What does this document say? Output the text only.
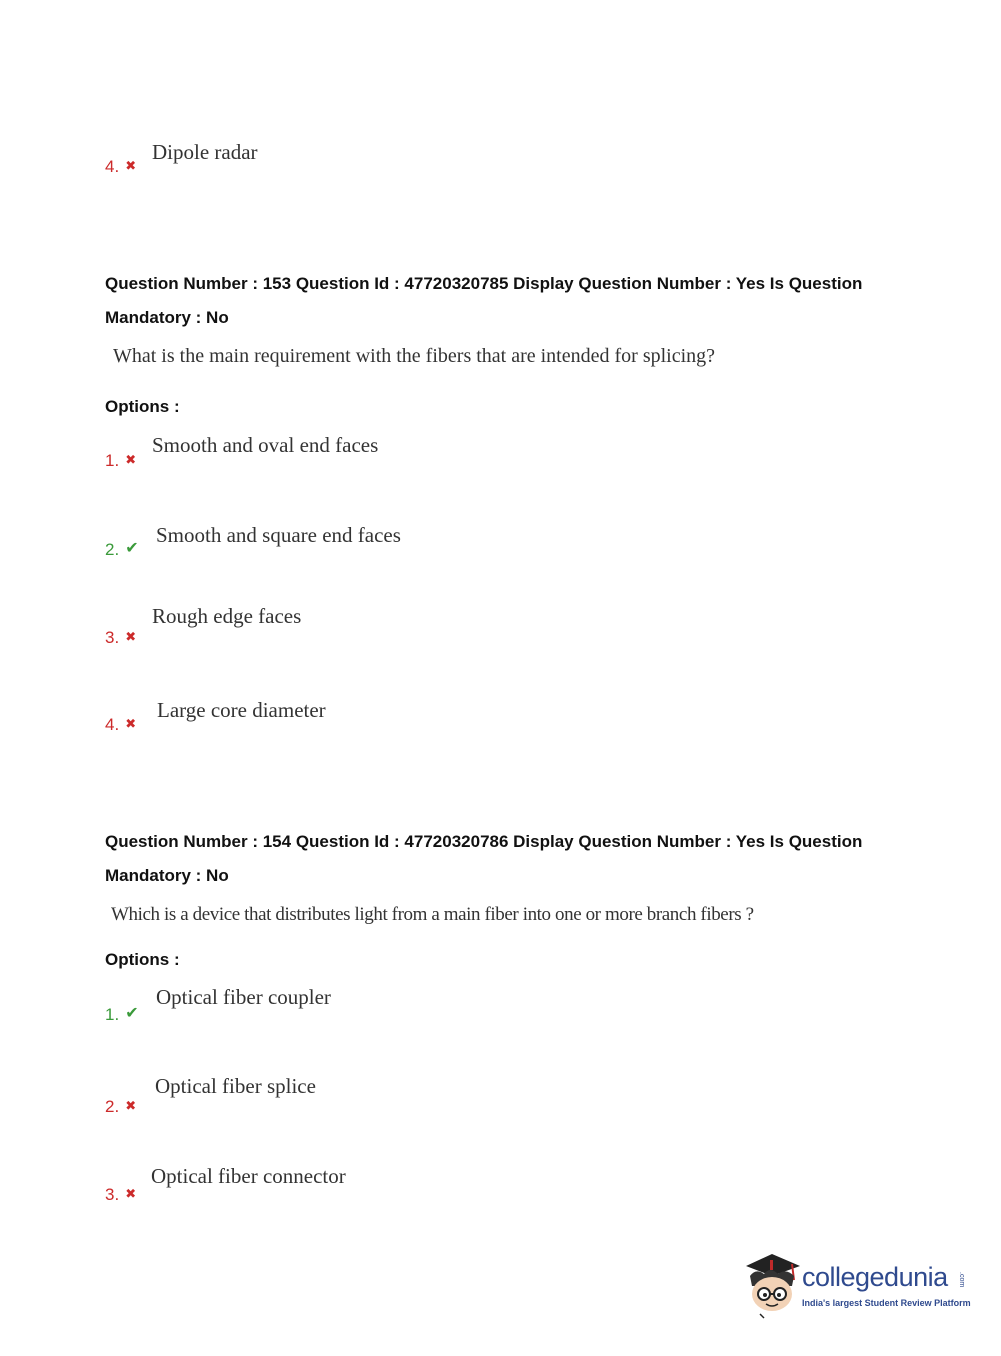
4. ✖
Dipole radar
Question Number : 153 Question Id : 47720320785 Display Question Number : Yes Is Question
Mandatory : No
What is the main requirement with the fibers that are intended for splicing?
Options :
1. ✖
Smooth and oval end faces
2. ✔
Smooth and square end faces
3. ✖
Rough edge faces
4. ✖
Large core diameter
Question Number : 154 Question Id : 47720320786 Display Question Number : Yes Is Question
Mandatory : No
Which is a device that distributes light from a main fiber into one or more branch fibers ?
Options :
1. ✔
Optical fiber coupler
2. ✖
Optical fiber splice
3. ✖
Optical fiber connector
collegedunia .com
India's largest Student Review Platform
